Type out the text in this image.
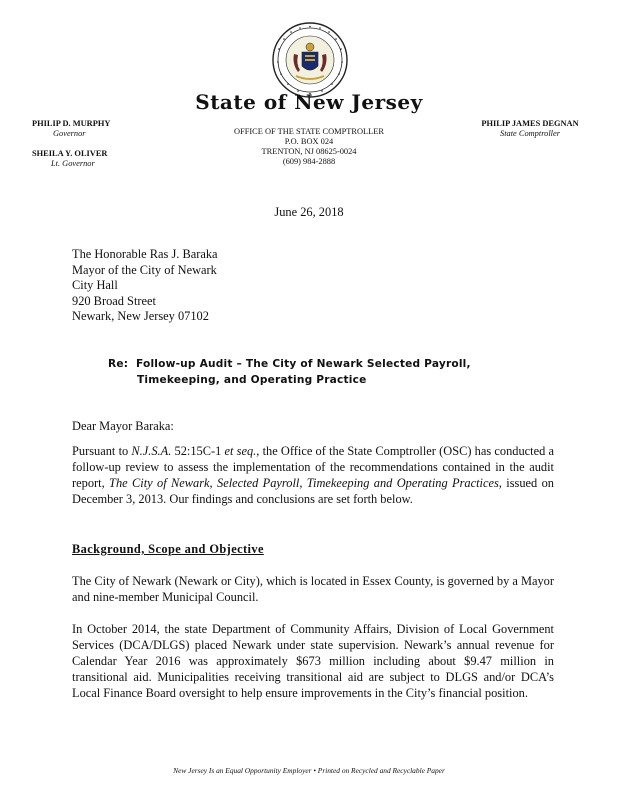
State of New Jersey
PHILIP D. MURPHY
Governor
SHEILA Y. OLIVER
Lt. Governor
OFFICE OF THE STATE COMPTROLLER
P.O. BOX 024
TRENTON, NJ 08625-0024
(609) 984-2888
PHILIP JAMES DEGNAN
State Comptroller
June 26, 2018
The Honorable Ras J. Baraka
Mayor of the City of Newark
City Hall
920 Broad Street
Newark, New Jersey 07102
Re: Follow-up Audit – The City of Newark Selected Payroll,
Timekeeping, and Operating Practice
Dear Mayor Baraka:
Pursuant to N.J.S.A. 52:15C-1 et seq., the Office of the State Comptroller (OSC) has conducted a follow-up review to assess the implementation of the recommendations contained in the audit report, The City of Newark, Selected Payroll, Timekeeping and Operating Practices, issued on December 3, 2013. Our findings and conclusions are set forth below.
Background, Scope and Objective
The City of Newark (Newark or City), which is located in Essex County, is governed by a Mayor and nine-member Municipal Council.
In October 2014, the state Department of Community Affairs, Division of Local Government Services (DCA/DLGS) placed Newark under state supervision. Newark’s annual revenue for Calendar Year 2016 was approximately $673 million including about $9.47 million in transitional aid. Municipalities receiving transitional aid are subject to DLGS and/or DCA’s Local Finance Board oversight to help ensure improvements in the City’s financial position.
New Jersey Is an Equal Opportunity Employer • Printed on Recycled and Recyclable Paper
